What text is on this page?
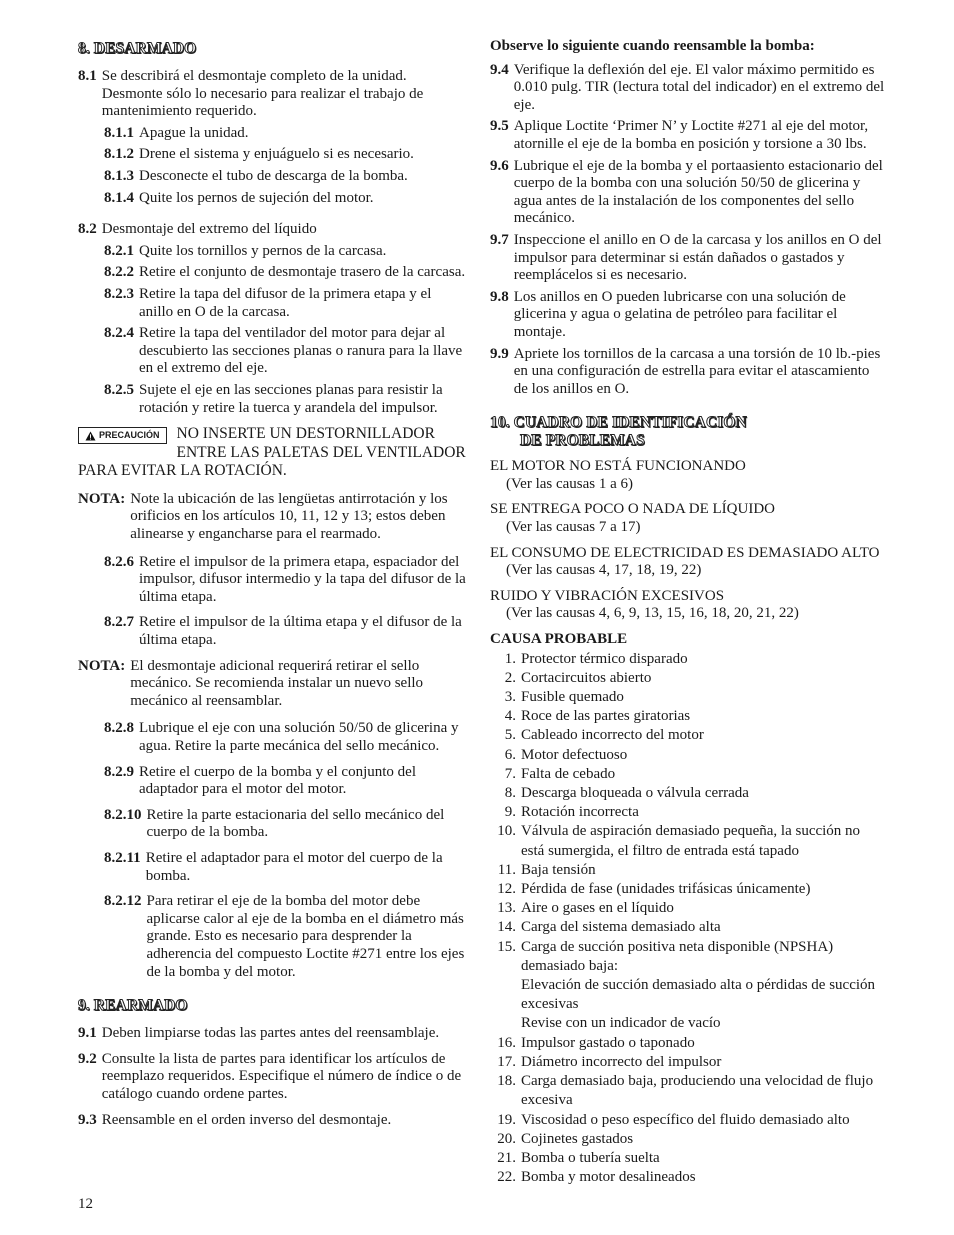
8. DESARMADO
8.1 Se describirá el desmontaje completo de la unidad. Desmonte sólo lo necesario para realizar el trabajo de mantenimiento requerido.
8.1.1 Apague la unidad.
8.1.2 Drene el sistema y enjuáguelo si es necesario.
8.1.3 Desconecte el tubo de descarga de la bomba.
8.1.4 Quite los pernos de sujeción del motor.
8.2 Desmontaje del extremo del líquido
8.2.1 Quite los tornillos y pernos de la carcasa.
8.2.2 Retire el conjunto de desmontaje trasero de la carcasa.
8.2.3 Retire la tapa del difusor de la primera etapa y el anillo en O de la carcasa.
8.2.4 Retire la tapa del ventilador del motor para dejar al descubierto las secciones planas o ranura para la llave en el extremo del eje.
8.2.5 Sujete el eje en las secciones planas para resistir la rotación y retire la tuerca y arandela del impulsor.
PRECAUCIÓN NO INSERTE UN DESTORNILLADOR ENTRE LAS PALETAS DEL VENTILADOR PARA EVITAR LA ROTACIÓN.
NOTA: Note la ubicación de las lengüetas antirrotación y los orificios en los artículos 10, 11, 12 y 13; estos deben alinearse y engancharse para el rearmado.
8.2.6 Retire el impulsor de la primera etapa, espaciador del impulsor, difusor intermedio y la tapa del difusor de la última etapa.
8.2.7 Retire el impulsor de la última etapa y el difusor de la última etapa.
NOTA: El desmontaje adicional requerirá retirar el sello mecánico. Se recomienda instalar un nuevo sello mecánico al reensamblar.
8.2.8 Lubrique el eje con una solución 50/50 de glicerina y agua. Retire la parte mecánica del sello mecánico.
8.2.9 Retire el cuerpo de la bomba y el conjunto del adaptador para el motor del motor.
8.2.10 Retire la parte estacionaria del sello mecánico del cuerpo de la bomba.
8.2.11 Retire el adaptador para el motor del cuerpo de la bomba.
8.2.12 Para retirar el eje de la bomba del motor debe aplicarse calor al eje de la bomba en el diámetro más grande. Esto es necesario para desprender la adherencia del compuesto Loctite #271 entre los ejes de la bomba y del motor.
9. REARMADO
9.1 Deben limpiarse todas las partes antes del reensamblaje.
9.2 Consulte la lista de partes para identificar los artículos de reemplazo requeridos. Especifique el número de índice o de catálogo cuando ordene partes.
9.3 Reensamble en el orden inverso del desmontaje.
Observe lo siguiente cuando reensamble la bomba:
9.4 Verifique la deflexión del eje. El valor máximo permitido es 0.010 pulg. TIR (lectura total del indicador) en el extremo del eje.
9.5 Aplique Loctite ‘Primer N’ y Loctite #271 al eje del motor, atornille el eje de la bomba en posición y torsione a 30 lbs.
9.6 Lubrique el eje de la bomba y el portaasiento estacionario del cuerpo de la bomba con una solución 50/50 de glicerina y agua antes de la instalación de los componentes del sello mecánico.
9.7 Inspeccione el anillo en O de la carcasa y los anillos en O del impulsor para determinar si están dañados o gastados y reemplácelos si es necesario.
9.8 Los anillos en O pueden lubricarse con una solución de glicerina y agua o gelatina de petróleo para facilitar el montaje.
9.9 Apriete los tornillos de la carcasa a una torsión de 10 lb.-pies en una configuración de estrella para evitar el atascamiento de los anillos en O.
10. CUADRO DE IDENTIFICACIÓN
DE PROBLEMAS
EL MOTOR NO ESTÁ FUNCIONANDO
(Ver las causas 1 a 6)
SE ENTREGA POCO O NADA DE LÍQUIDO
(Ver las causas 7 a 17)
EL CONSUMO DE ELECTRICIDAD ES DEMASIADO ALTO
(Ver las causas 4, 17, 18, 19, 22)
RUIDO Y VIBRACIÓN EXCESIVOS
(Ver las causas 4, 6, 9, 13, 15, 16, 18, 20, 21, 22)
CAUSA PROBABLE
1. Protector térmico disparado
2. Cortacircuitos abierto
3. Fusible quemado
4. Roce de las partes giratorias
5. Cableado incorrecto del motor
6. Motor defectuoso
7. Falta de cebado
8. Descarga bloqueada o válvula cerrada
9. Rotación incorrecta
10. Válvula de aspiración demasiado pequeña, la succión no está sumergida, el filtro de entrada está tapado
11. Baja tensión
12. Pérdida de fase (unidades trifásicas únicamente)
13. Aire o gases en el líquido
14. Carga del sistema demasiado alta
15. Carga de succión positiva neta disponible (NPSHA) demasiado baja:
Elevación de succión demasiado alta o pérdidas de succión excesivas
Revise con un indicador de vacío
16. Impulsor gastado o taponado
17. Diámetro incorrecto del impulsor
18. Carga demasiado baja, produciendo una velocidad de flujo excesiva
19. Viscosidad o peso específico del fluido demasiado alto
20. Cojinetes gastados
21. Bomba o tubería suelta
22. Bomba y motor desalineados
12
